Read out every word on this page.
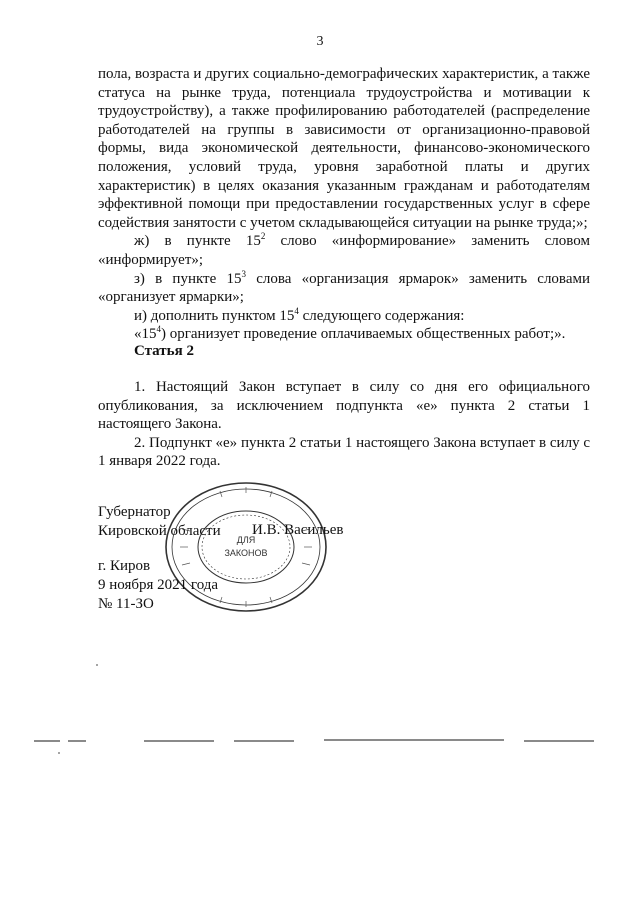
3

пола, возраста и других социально-демографических характеристик, а также статуса на рынке труда, потенциала трудоустройства и мотивации к трудоустройству), а также профилированию работодателей (распределение работодателей на группы в зависимости от организационно-правовой формы, вида экономической деятельности, финансово-экономического положения, условий труда, уровня заработной платы и других характеристик) в целях оказания указанным гражданам и работодателям эффективной помощи при предоставлении государственных услуг в сфере содействия занятости с учетом складывающейся ситуации на рынке труда;»;

ж) в пункте $15^2$ слово «информирование» заменить словом «информирует»;

з) в пункте $15^3$ слова «организация ярмарок» заменить словами «организует ярмарки»;

и) дополнить пунктом $15^4$ следующего содержания:

«$15^4$) организует проведение оплачиваемых общественных работ;».

Статья 2

1. Настоящий Закон вступает в силу со дня его официального опубликования, за исключением подпункта «е» пункта 2 статьи 1 настоящего Закона.

2. Подпункт «е» пункта 2 статьи 1 настоящего Закона вступает в силу с 1 января 2022 года.

ДЛЯ
ЗАКОНОВ
Губернатор
Кировской области И.В. Васильев
г. Киров
9 ноября 2021 года
№ 11-ЗО
